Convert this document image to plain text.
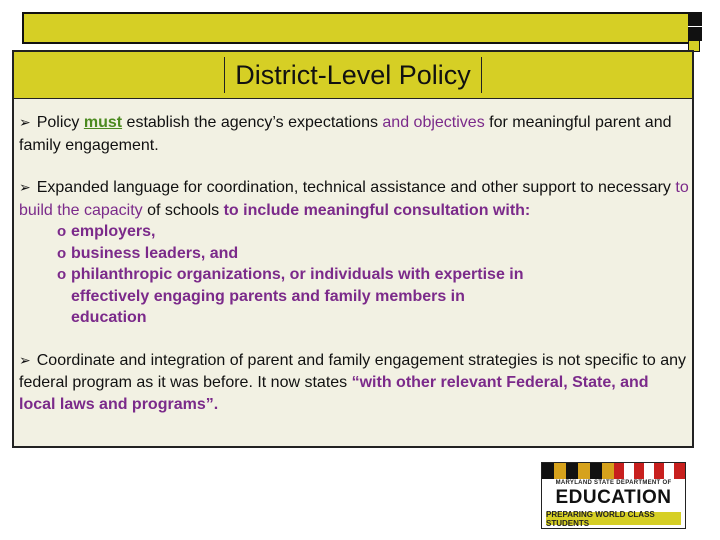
District-Level Policy

➢ Policy must establish the agency’s expectations and objectives for meaningful parent and family engagement.

➢ Expanded language for coordination, technical assistance and other support to necessary to build the capacity of schools to include meaningful consultation with:
o employers,
o business leaders, and
o philanthropic organizations, or individuals with expertise in effectively engaging parents and family members in education

➢ Coordinate and integration of parent and family engagement strategies is not specific to any federal program as it was before. It now states “with other relevant Federal, State, and local laws and programs”.

MARYLAND STATE DEPARTMENT OF
EDUCATION
PREPARING WORLD CLASS STUDENTS
